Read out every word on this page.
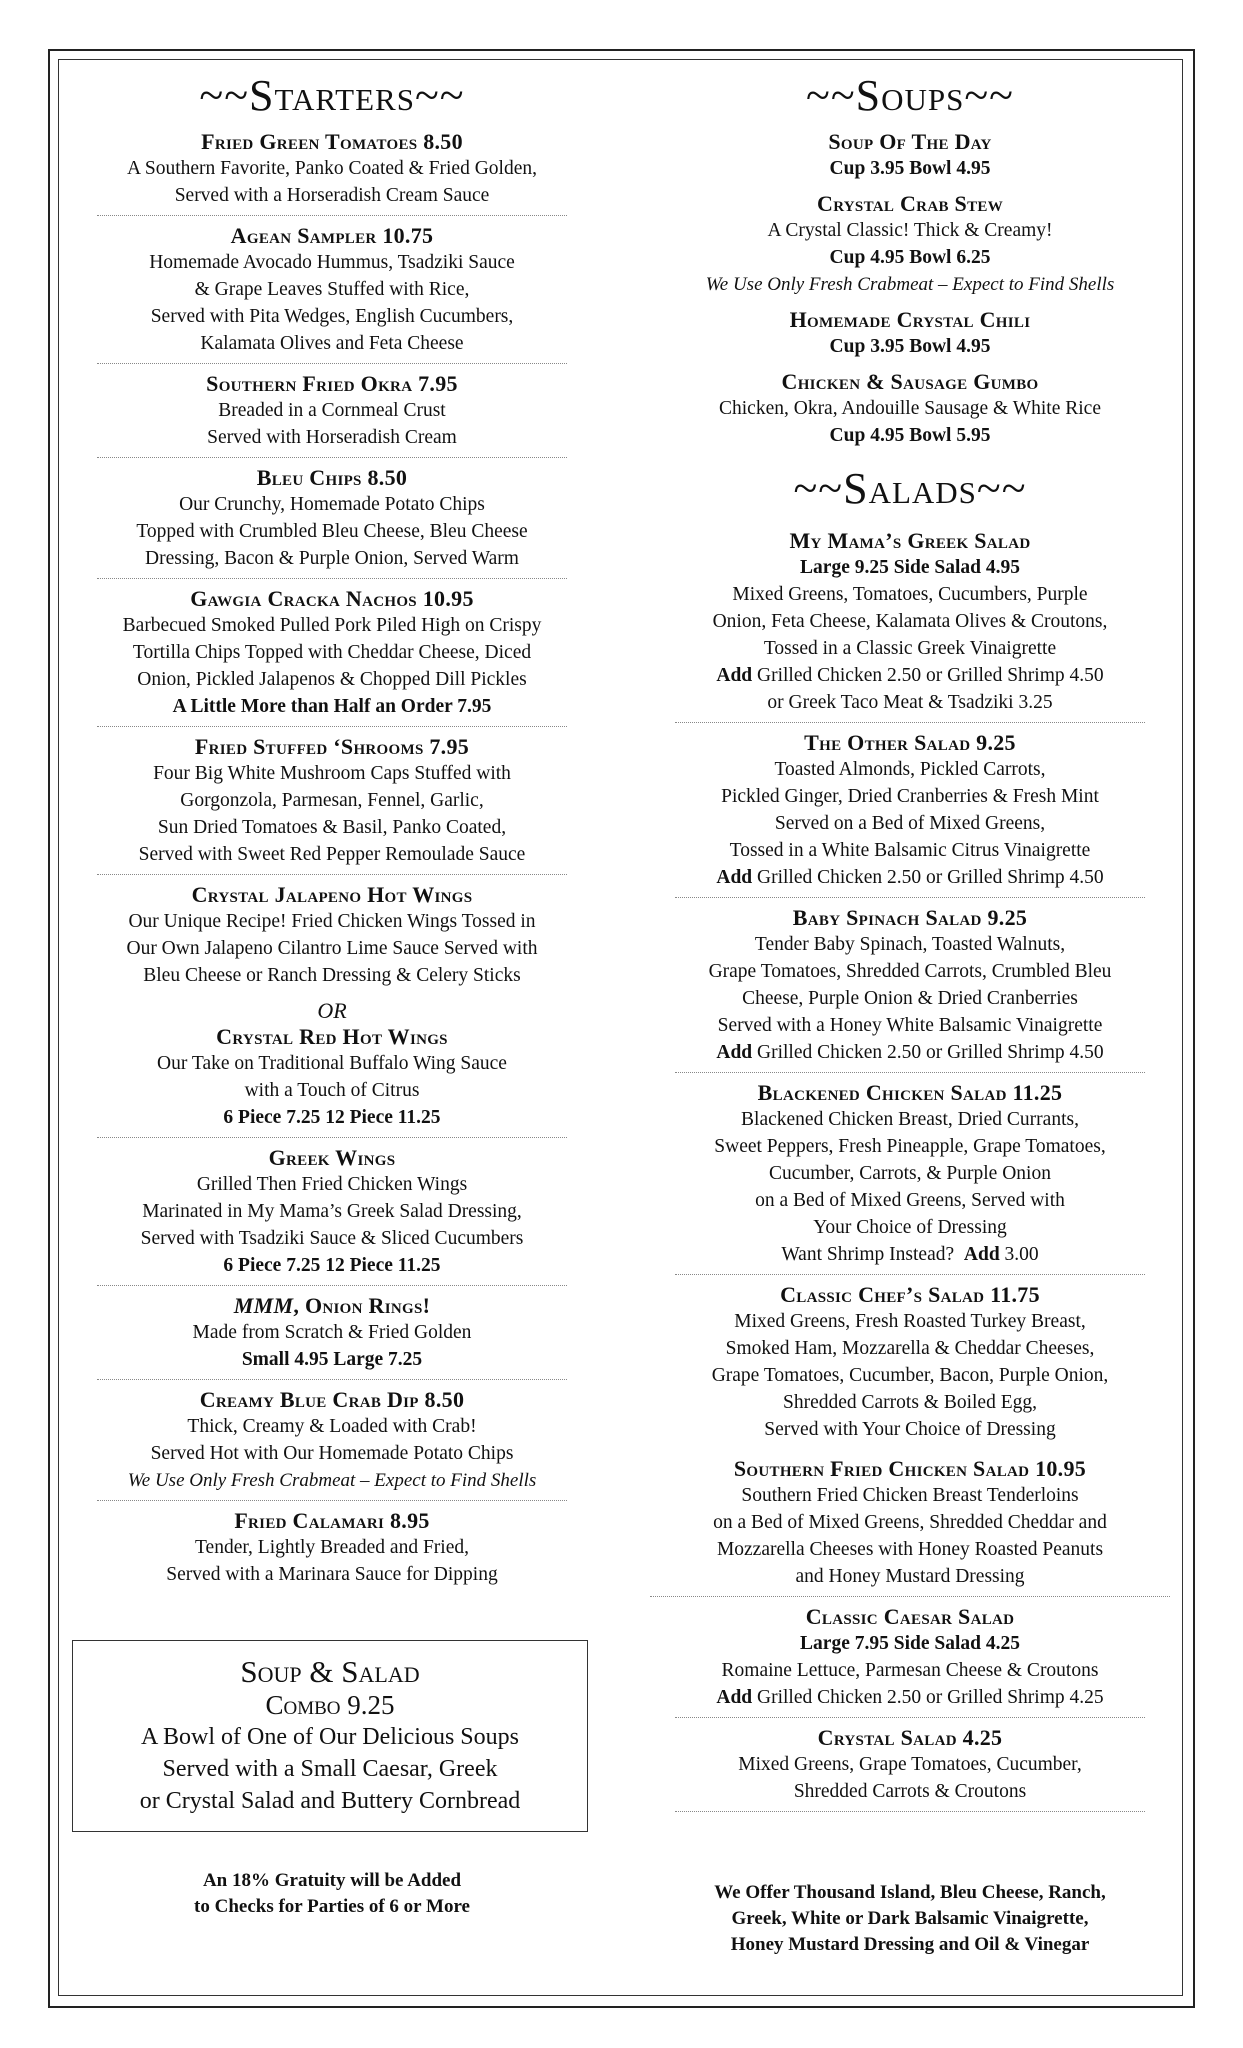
~~Starters~~
Fried Green Tomatoes 8.50
A Southern Favorite, Panko Coated & Fried Golden,
Served with a Horseradish Cream Sauce
Agean Sampler 10.75
Homemade Avocado Hummus, Tsadziki Sauce
& Grape Leaves Stuffed with Rice,
Served with Pita Wedges, English Cucumbers,
Kalamata Olives and Feta Cheese
Southern Fried Okra 7.95
Breaded in a Cornmeal Crust
Served with Horseradish Cream
Bleu Chips 8.50
Our Crunchy, Homemade Potato Chips
Topped with Crumbled Bleu Cheese, Bleu Cheese
Dressing, Bacon & Purple Onion, Served Warm
Gawgia Cracka Nachos 10.95
Barbecued Smoked Pulled Pork Piled High on Crispy
Tortilla Chips Topped with Cheddar Cheese, Diced
Onion, Pickled Jalapenos & Chopped Dill Pickles
A Little More than Half an Order 7.95
Fried Stuffed ‘Shrooms 7.95
Four Big White Mushroom Caps Stuffed with
Gorgonzola, Parmesan, Fennel, Garlic,
Sun Dried Tomatoes & Basil, Panko Coated,
Served with Sweet Red Pepper Remoulade Sauce
Crystal Jalapeno Hot Wings
Our Unique Recipe! Fried Chicken Wings Tossed in
Our Own Jalapeno Cilantro Lime Sauce Served with
Bleu Cheese or Ranch Dressing & Celery Sticks
OR
Crystal Red Hot Wings
Our Take on Traditional Buffalo Wing Sauce
with a Touch of Citrus
6 Piece 7.25 12 Piece 11.25
Greek Wings
Grilled Then Fried Chicken Wings
Marinated in My Mama’s Greek Salad Dressing,
Served with Tsadziki Sauce & Sliced Cucumbers
6 Piece 7.25 12 Piece 11.25
MMM, Onion Rings!
Made from Scratch & Fried Golden
Small 4.95 Large 7.25
Creamy Blue Crab Dip 8.50
Thick, Creamy & Loaded with Crab!
Served Hot with Our Homemade Potato Chips
We Use Only Fresh Crabmeat – Expect to Find Shells
Fried Calamari 8.95
Tender, Lightly Breaded and Fried,
Served with a Marinara Sauce for Dipping
Soup & Salad
Combo 9.25
A Bowl of One of Our Delicious Soups
Served with a Small Caesar, Greek
or Crystal Salad and Buttery Cornbread
An 18% Gratuity will be Added
to Checks for Parties of 6 or More
~~Soups~~
Soup Of The Day
Cup 3.95 Bowl 4.95
Crystal Crab Stew
A Crystal Classic! Thick & Creamy!
Cup 4.95 Bowl 6.25
We Use Only Fresh Crabmeat – Expect to Find Shells
Homemade Crystal Chili
Cup 3.95 Bowl 4.95
Chicken & Sausage Gumbo
Chicken, Okra, Andouille Sausage & White Rice
Cup 4.95 Bowl 5.95
~~Salads~~
My Mama’s Greek Salad
Large 9.25 Side Salad 4.95
Mixed Greens, Tomatoes, Cucumbers, Purple
Onion, Feta Cheese, Kalamata Olives & Croutons,
Tossed in a Classic Greek Vinaigrette
Add Grilled Chicken 2.50 or Grilled Shrimp 4.50
or Greek Taco Meat & Tsadziki 3.25
The Other Salad 9.25
Toasted Almonds, Pickled Carrots,
Pickled Ginger, Dried Cranberries & Fresh Mint
Served on a Bed of Mixed Greens,
Tossed in a White Balsamic Citrus Vinaigrette
Add Grilled Chicken 2.50 or Grilled Shrimp 4.50
Baby Spinach Salad 9.25
Tender Baby Spinach, Toasted Walnuts,
Grape Tomatoes, Shredded Carrots, Crumbled Bleu
Cheese, Purple Onion & Dried Cranberries
Served with a Honey White Balsamic Vinaigrette
Add Grilled Chicken 2.50 or Grilled Shrimp 4.50
Blackened Chicken Salad 11.25
Blackened Chicken Breast, Dried Currants,
Sweet Peppers, Fresh Pineapple, Grape Tomatoes,
Cucumber, Carrots, & Purple Onion
on a Bed of Mixed Greens, Served with
Your Choice of Dressing
Want Shrimp Instead? Add 3.00
Classic Chef’s Salad 11.75
Mixed Greens, Fresh Roasted Turkey Breast,
Smoked Ham, Mozzarella & Cheddar Cheeses,
Grape Tomatoes, Cucumber, Bacon, Purple Onion,
Shredded Carrots & Boiled Egg,
Served with Your Choice of Dressing
Southern Fried Chicken Salad 10.95
Southern Fried Chicken Breast Tenderloins
on a Bed of Mixed Greens, Shredded Cheddar and
Mozzarella Cheeses with Honey Roasted Peanuts
and Honey Mustard Dressing
Classic Caesar Salad
Large 7.95 Side Salad 4.25
Romaine Lettuce, Parmesan Cheese & Croutons
Add Grilled Chicken 2.50 or Grilled Shrimp 4.25
Crystal Salad 4.25
Mixed Greens, Grape Tomatoes, Cucumber,
Shredded Carrots & Croutons
We Offer Thousand Island, Bleu Cheese, Ranch,
Greek, White or Dark Balsamic Vinaigrette,
Honey Mustard Dressing and Oil & Vinegar
